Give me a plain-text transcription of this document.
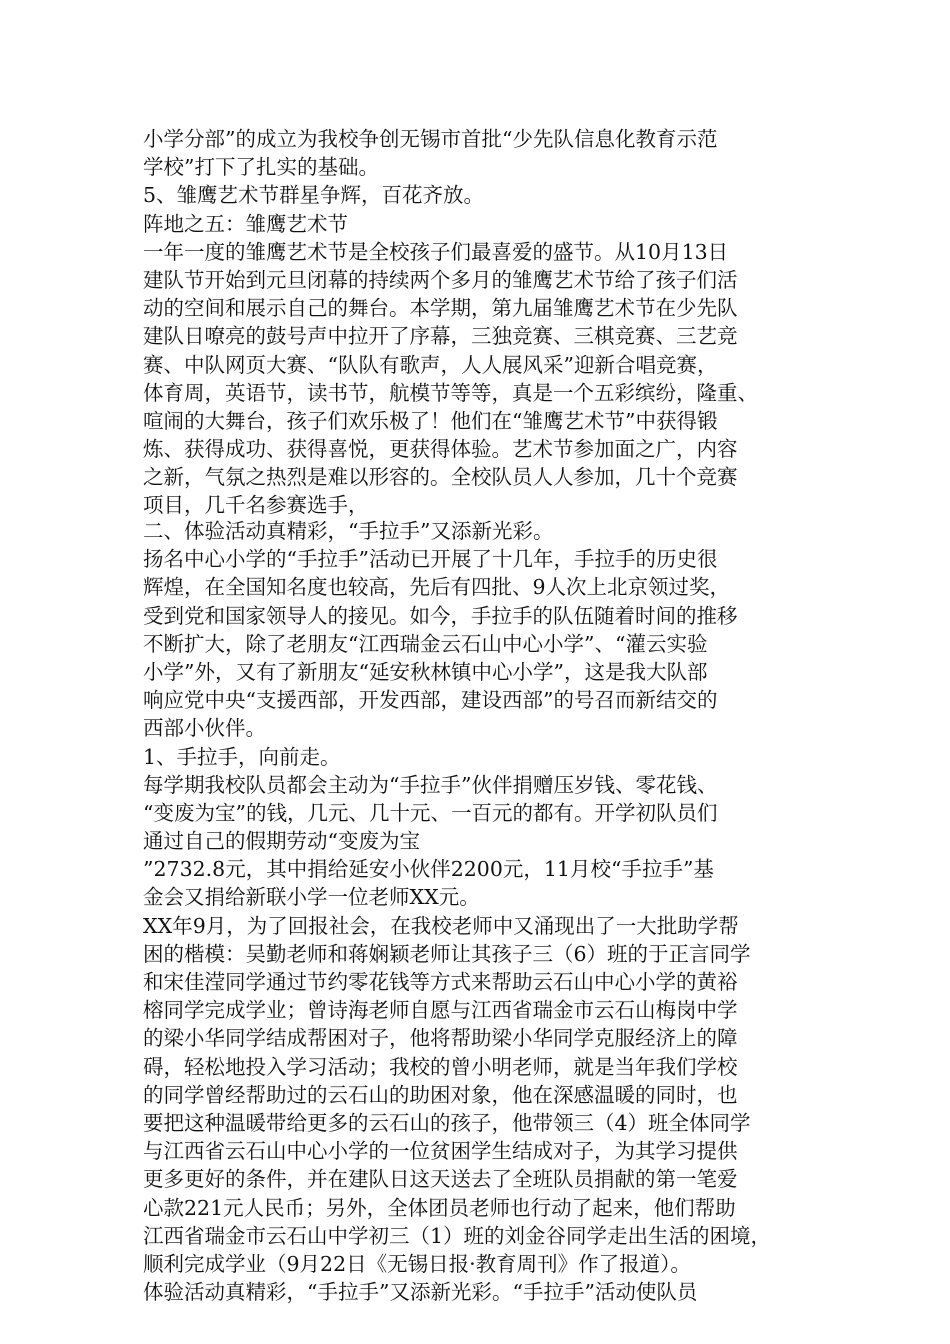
小学分部”的成立为我校争创无锡市首批“少先队信息化教育示范
学校”打下了扎实的基础。
5、雏鹰艺术节群星争辉，百花齐放。
阵地之五：雏鹰艺术节
一年一度的雏鹰艺术节是全校孩子们最喜爱的盛节。从10月13日
建队节开始到元旦闭幕的持续两个多月的雏鹰艺术节给了孩子们活
动的空间和展示自己的舞台。本学期，第九届雏鹰艺术节在少先队
建队日嘹亮的鼓号声中拉开了序幕，三独竞赛、三棋竞赛、三艺竞
赛、中队网页大赛、“队队有歌声，人人展风采”迎新合唱竞赛，
体育周，英语节，读书节，航模节等等，真是一个五彩缤纷，隆重、
喧闹的大舞台，孩子们欢乐极了！他们在“雏鹰艺术节”中获得锻
炼、获得成功、获得喜悦，更获得体验。艺术节参加面之广，内容
之新，气氛之热烈是难以形容的。全校队员人人参加，几十个竞赛
项目，几千名参赛选手，
二、体验活动真精彩，“手拉手”又添新光彩。
扬名中心小学的“手拉手”活动已开展了十几年，手拉手的历史很
辉煌，在全国知名度也较高，先后有四批、9人次上北京领过奖，
受到党和国家领导人的接见。如今，手拉手的队伍随着时间的推移
不断扩大，除了老朋友“江西瑞金云石山中心小学”、“灌云实验
小学”外，又有了新朋友“延安秋林镇中心小学”，这是我大队部
响应党中央“支援西部，开发西部，建设西部”的号召而新结交的
西部小伙伴。
1、手拉手，向前走。
每学期我校队员都会主动为“手拉手”伙伴捐赠压岁钱、零花钱、
“变废为宝”的钱，几元、几十元、一百元的都有。开学初队员们
通过自己的假期劳动“变废为宝
”2732.8元，其中捐给延安小伙伴2200元，11月校“手拉手”基
金会又捐给新联小学一位老师XX元。
XX年9月，为了回报社会，在我校老师中又涌现出了一大批助学帮
困的楷模：吴勤老师和蒋娴颖老师让其孩子三（6）班的于正言同学
和宋佳滢同学通过节约零花钱等方式来帮助云石山中心小学的黄裕
榕同学完成学业；曾诗海老师自愿与江西省瑞金市云石山梅岗中学
的梁小华同学结成帮困对子，他将帮助梁小华同学克服经济上的障
碍，轻松地投入学习活动；我校的曾小明老师，就是当年我们学校
的同学曾经帮助过的云石山的助困对象，他在深感温暖的同时，也
要把这种温暖带给更多的云石山的孩子，他带领三（4）班全体同学
与江西省云石山中心小学的一位贫困学生结成对子，为其学习提供
更多更好的条件，并在建队日这天送去了全班队员捐献的第一笔爱
心款221元人民币；另外，全体团员老师也行动了起来，他们帮助
江西省瑞金市云石山中学初三（1）班的刘金谷同学走出生活的困境，
顺利完成学业（9月22日《无锡日报·教育周刊》作了报道）。
体验活动真精彩，“手拉手”又添新光彩。“手拉手”活动使队员
